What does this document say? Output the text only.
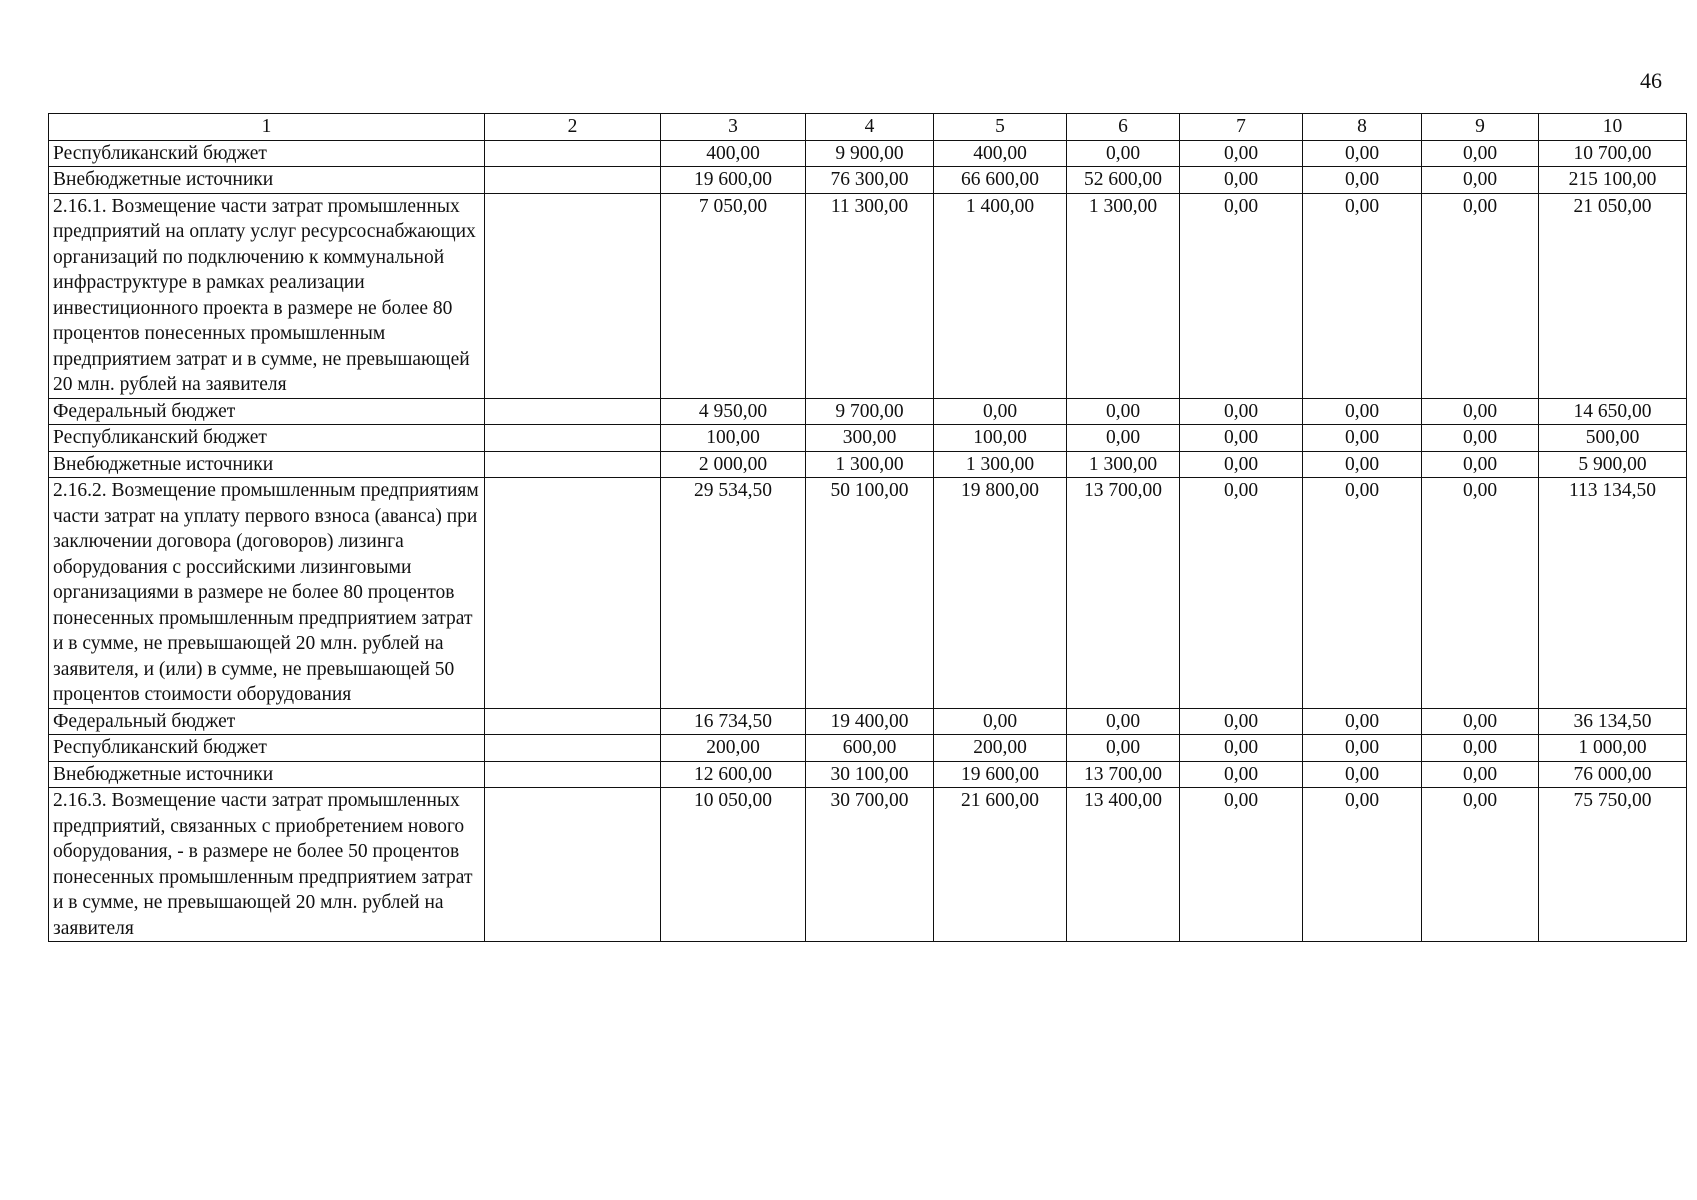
46
1	2	3	4	5	6	7	8	9	10
Республиканский бюджет		400,00	9 900,00	400,00	0,00	0,00	0,00	0,00	10 700,00
Внебюджетные источники		19 600,00	76 300,00	66 600,00	52 600,00	0,00	0,00	0,00	215 100,00
2.16.1. Возмещение части затрат промышленных предприятий на оплату услуг ресурсоснабжающих организаций по подключению к коммунальной инфраструктуре в рамках реализации инвестиционного проекта в размере не более 80 процентов понесенных промышленным предприятием затрат и в сумме, не превышающей 20 млн. рублей на заявителя		7 050,00	11 300,00	1 400,00	1 300,00	0,00	0,00	0,00	21 050,00
Федеральный бюджет		4 950,00	9 700,00	0,00	0,00	0,00	0,00	0,00	14 650,00
Республиканский бюджет		100,00	300,00	100,00	0,00	0,00	0,00	0,00	500,00
Внебюджетные источники		2 000,00	1 300,00	1 300,00	1 300,00	0,00	0,00	0,00	5 900,00
2.16.2. Возмещение промышленным предприятиям части затрат на уплату первого взноса (аванса) при заключении договора (договоров) лизинга оборудования с российскими лизинговыми организациями в размере не более 80 процентов понесенных промышленным предприятием затрат и в сумме, не превышающей 20 млн. рублей на заявителя, и (или) в сумме, не превышающей 50 процентов стоимости оборудования		29 534,50	50 100,00	19 800,00	13 700,00	0,00	0,00	0,00	113 134,50
Федеральный бюджет		16 734,50	19 400,00	0,00	0,00	0,00	0,00	0,00	36 134,50
Республиканский бюджет		200,00	600,00	200,00	0,00	0,00	0,00	0,00	1 000,00
Внебюджетные источники		12 600,00	30 100,00	19 600,00	13 700,00	0,00	0,00	0,00	76 000,00
2.16.3. Возмещение части затрат промышленных предприятий, связанных с приобретением нового оборудования, - в размере не более 50 процентов понесенных промышленным предприятием затрат и в сумме, не превышающей 20 млн. рублей на заявителя		10 050,00	30 700,00	21 600,00	13 400,00	0,00	0,00	0,00	75 750,00
